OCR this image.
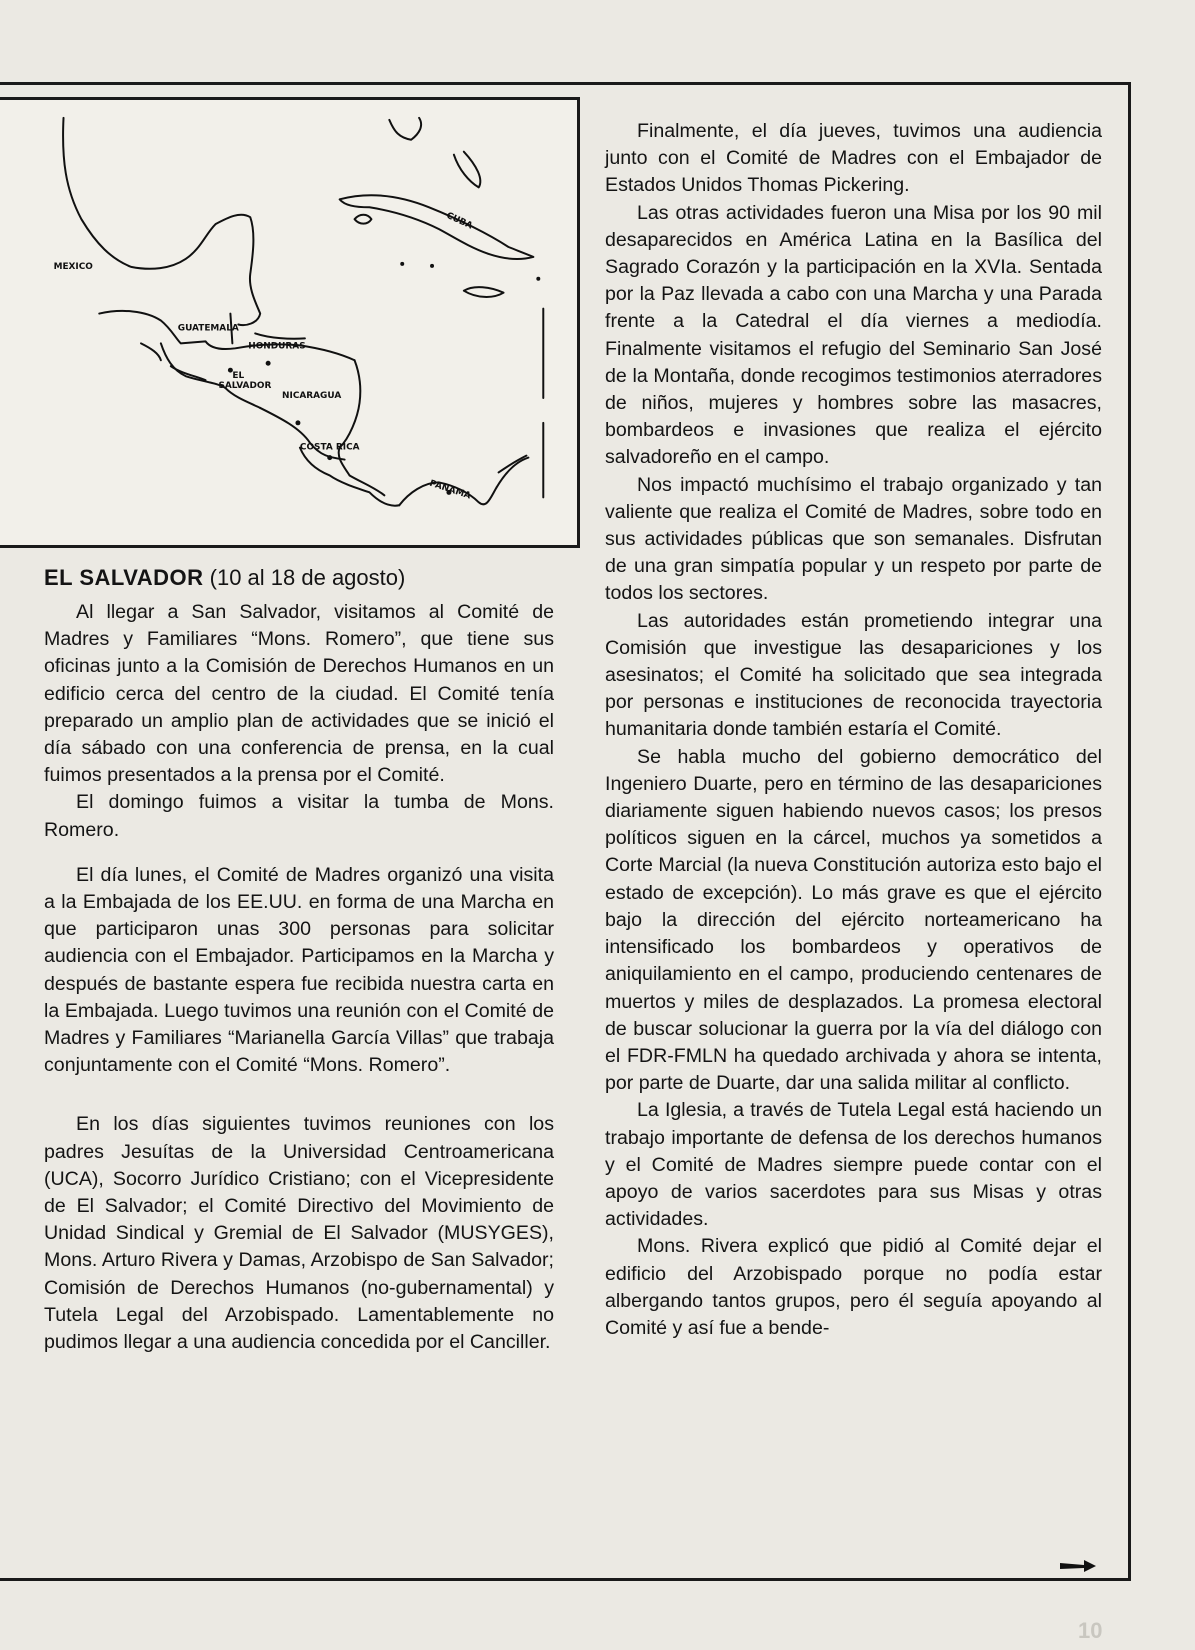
MEXICO
GUATEMALA
HONDURAS
EL
SALVADOR
NICARAGUA
COSTA RICA
CUBA
PANAMA
EL SALVADOR (10 al 18 de agosto)

Al llegar a San Salvador, visitamos al Comité de Madres y Familiares “Mons. Romero”, que tiene sus oficinas junto a la Comisión de Derechos Humanos en un edificio cerca del centro de la ciudad. El Comité tenía preparado un amplio plan de actividades que se inició el día sábado con una conferencia de prensa, en la cual fuimos presentados a la prensa por el Comité.

El domingo fuimos a visitar la tumba de Mons. Romero.

El día lunes, el Comité de Madres organizó una visita a la Embajada de los EE.UU. en forma de una Marcha en que participaron unas 300 personas para solicitar audiencia con el Embajador. Participamos en la Marcha y después de bastante espera fue recibida nuestra carta en la Embajada. Luego tuvimos una reunión con el Comité de Madres y Familiares “Marianella García Villas” que trabaja conjuntamente con el Comité “Mons. Romero”.

En los días siguientes tuvimos reuniones con los padres Jesuítas de la Universidad Centroamericana (UCA), Socorro Jurídico Cristiano; con el Vicepresidente de El Salvador; el Comité Directivo del Movimiento de Unidad Sindical y Gremial de El Salvador (MUSYGES), Mons. Arturo Rivera y Damas, Arzobispo de San Salvador; Comisión de Derechos Humanos (no-gubernamental) y Tutela Legal del Arzobispado. Lamentablemente no pudimos llegar a una audiencia concedida por el Canciller.

Finalmente, el día jueves, tuvimos una audiencia junto con el Comité de Madres con el Embajador de Estados Unidos Thomas Pickering.

Las otras actividades fueron una Misa por los 90 mil desaparecidos en América Latina en la Basílica del Sagrado Corazón y la participación en la XVIa. Sentada por la Paz llevada a cabo con una Marcha y una Parada frente a la Catedral el día viernes a mediodía. Finalmente visitamos el refugio del Seminario San José de la Montaña, donde recogimos testimonios aterradores de niños, mujeres y hombres sobre las masacres, bombardeos e invasiones que realiza el ejército salvadoreño en el campo.

Nos impactó muchísimo el trabajo organizado y tan valiente que realiza el Comité de Madres, sobre todo en sus actividades públicas que son semanales. Disfrutan de una gran simpatía popular y un respeto por parte de todos los sectores.

Las autoridades están prometiendo integrar una Comisión que investigue las desapariciones y los asesinatos; el Comité ha solicitado que sea integrada por personas e instituciones de reconocida trayectoria humanitaria donde también estaría el Comité.

Se habla mucho del gobierno democrático del Ingeniero Duarte, pero en término de las desapariciones diariamente siguen habiendo nuevos casos; los presos políticos siguen en la cárcel, muchos ya sometidos a Corte Marcial (la nueva Constitución autoriza esto bajo el estado de excepción). Lo más grave es que el ejército bajo la dirección del ejército norteamericano ha intensificado los bombardeos y operativos de aniquilamiento en el campo, produciendo centenares de muertos y miles de desplazados. La promesa electoral de buscar solucionar la guerra por la vía del diálogo con el FDR-FMLN ha quedado archivada y ahora se intenta, por parte de Duarte, dar una salida militar al conflicto.

La Iglesia, a través de Tutela Legal está haciendo un trabajo importante de defensa de los derechos humanos y el Comité de Madres siempre puede contar con el apoyo de varios sacerdotes para sus Misas y otras actividades.

Mons. Rivera explicó que pidió al Comité dejar el edificio del Arzobispado porque no podía estar albergando tantos grupos, pero él seguía apoyando al Comité y así fue a bende-

10
